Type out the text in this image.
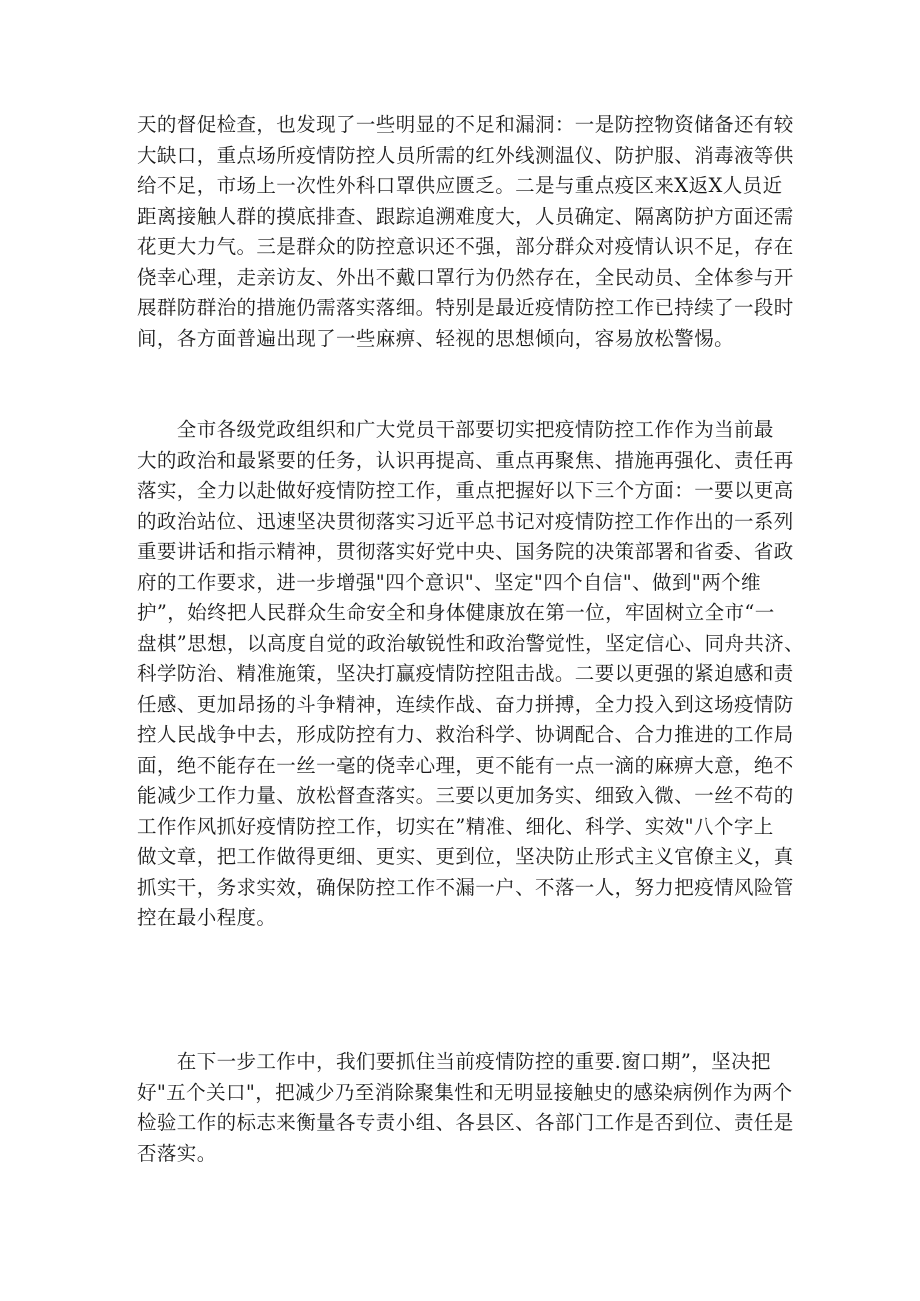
天的督促检查，也发现了一些明显的不足和漏洞：一是防控物资储备还有较
大缺口，重点场所疫情防控人员所需的红外线测温仪、防护服、消毒液等供
给不足，市场上一次性外科口罩供应匮乏。二是与重点疫区来X返X人员近
距离接触人群的摸底排查、跟踪追溯难度大，人员确定、隔离防护方面还需
花更大力气。三是群众的防控意识还不强，部分群众对疫情认识不足，存在
侥幸心理，走亲访友、外出不戴口罩行为仍然存在，全民动员、全体参与开
展群防群治的措施仍需落实落细。特别是最近疫情防控工作已持续了一段时
间，各方面普遍出现了一些麻痹、轻视的思想倾向，容易放松警惕。
　　全市各级党政组织和广大党员干部要切实把疫情防控工作作为当前最
大的政治和最紧要的任务，认识再提高、重点再聚焦、措施再强化、责任再
落实，全力以赴做好疫情防控工作，重点把握好以下三个方面：一要以更高
的政治站位、迅速坚决贯彻落实习近平总书记对疫情防控工作作出的一系列
重要讲话和指示精神，贯彻落实好党中央、国务院的决策部署和省委、省政
府的工作要求，进一步增强"四个意识"、坚定"四个自信"、做到"两个维
护”，始终把人民群众生命安全和身体健康放在第一位，牢固树立全市“一
盘棋”思想，以高度自觉的政治敏锐性和政治警觉性，坚定信心、同舟共济、
科学防治、精准施策，坚决打赢疫情防控阻击战。二要以更强的紧迫感和责
任感、更加昂扬的斗争精神，连续作战、奋力拼搏，全力投入到这场疫情防
控人民战争中去，形成防控有力、救治科学、协调配合、合力推进的工作局
面，绝不能存在一丝一毫的侥幸心理，更不能有一点一滴的麻痹大意，绝不
能减少工作力量、放松督查落实。三要以更加务实、细致入微、一丝不苟的
工作作风抓好疫情防控工作，切实在”精准、细化、科学、实效"八个字上
做文章，把工作做得更细、更实、更到位，坚决防止形式主义官僚主义，真
抓实干，务求实效，确保防控工作不漏一户、不落一人，努力把疫情风险管
控在最小程度。
　　在下一步工作中，我们要抓住当前疫情防控的重要.窗口期”，坚决把
好"五个关口"，把减少乃至消除聚集性和无明显接触史的感染病例作为两个
检验工作的标志来衡量各专责小组、各县区、各部门工作是否到位、责任是
否落实。
